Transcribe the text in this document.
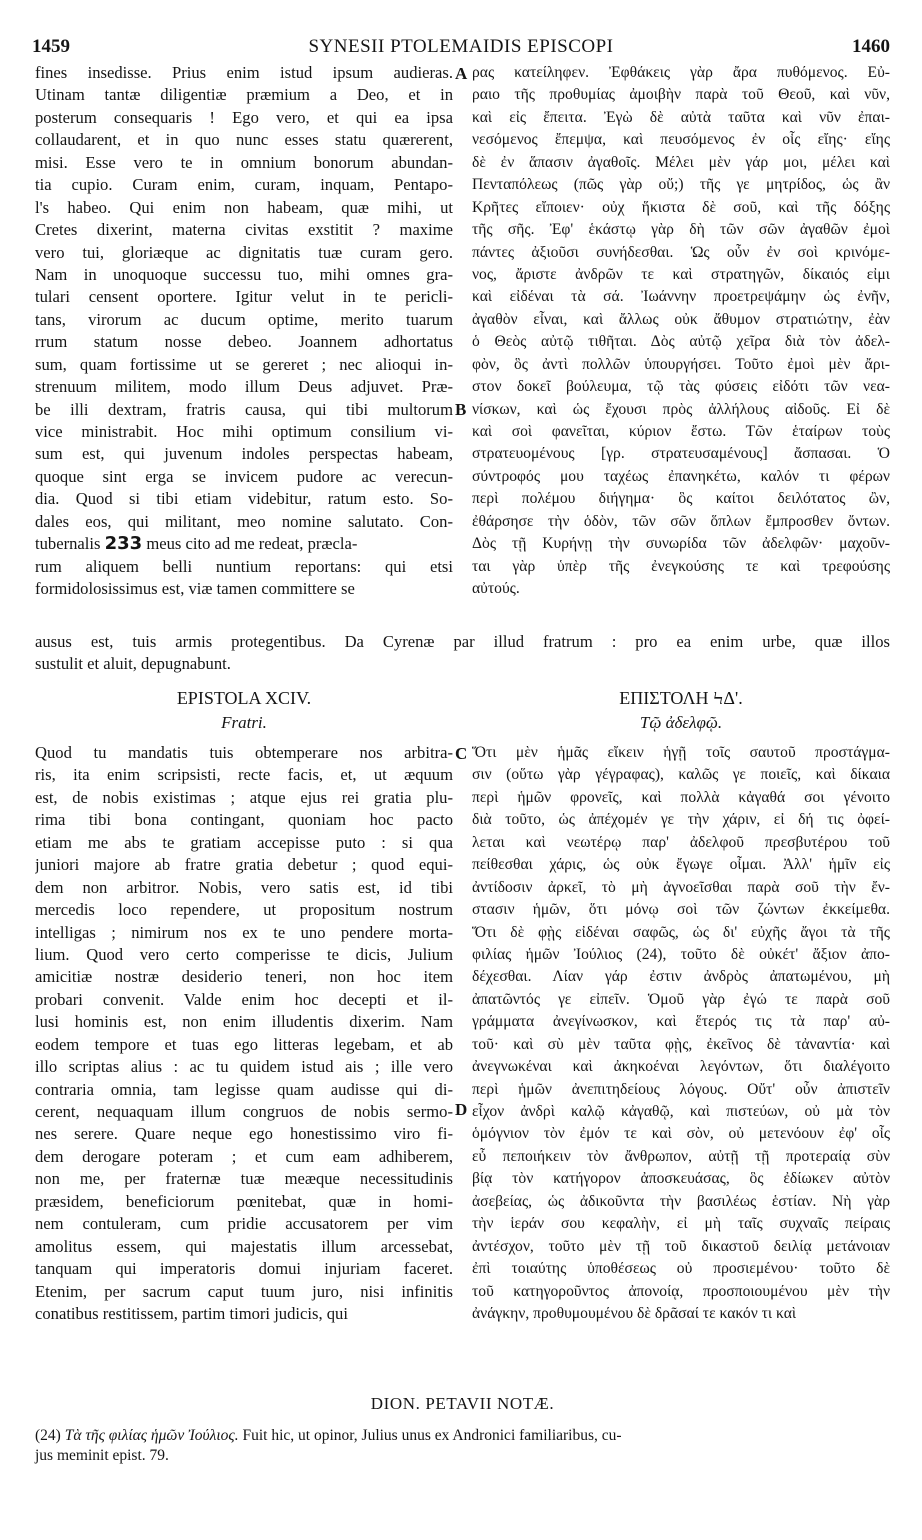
1459	SYNESII PTOLEMAIDIS EPISCOPI	1460
fines insedisse. Prius enim istud ipsum audieras.
Utinam tantæ diligentiæ præmium a Deo, et in
posterum consequaris ! Ego vero, et qui ea ipsa
collaudarent, et in quo nunc esses statu quærerent,
misi. Esse vero te in omnium bonorum abundan-
tia cupio. Curam enim, curam, inquam, Pentapo-
l's habeo. Qui enim non habeam, quæ mihi, ut
Cretes dixerint, materna civitas exstitit ? maxime
vero tui, gloriæque ac dignitatis tuæ curam gero.
Nam in unoquoque successu tuo, mihi omnes gra-
tulari censent oportere. Igitur velut in te pericli-
tans, virorum ac ducum optime, merito tuarum
rrum statum nosse debeo. Joannem adhortatus
sum, quam fortissime ut se gereret ; nec alioqui in-
strenuum militem, modo illum Deus adjuvet. Præ-
be illi dextram, fratris causa, qui tibi multorum
vice ministrabit. Hoc mihi optimum consilium vi-
sum est, qui juvenum indoles perspectas habeam,
quoque sint erga se invicem pudore ac verecun-
dia. Quod si tibi etiam videbitur, ratum esto. So-
dales eos, qui militant, meo nomine salutato. Con-
tubernalis 233 meus cito ad me redeat, præcla-
rum aliquem belli nuntium reportans: qui etsi
formidolosissimus est, viæ tamen committere se
ρας κατείληφεν. Ἐφθάκεις γὰρ ἄρα πυθόμενος. Εὐ-
ραιο τῆς προθυμίας ἀμοιβὴν παρὰ τοῦ Θεοῦ, καὶ νῦν,
καὶ εἰς ἔπειτα. Ἐγὼ δὲ αὐτὰ ταῦτα καὶ νῦν ἐπαι-
νεσόμενος ἔπεμψα, καὶ πευσόμενος ἐν οἷς εἴης· εἴης
δὲ ἐν ἅπασιν ἀγαθοῖς. Μέλει μὲν γάρ μοι, μέλει καὶ
Πενταπόλεως (πῶς γὰρ οὔ;) τῆς γε μητρίδος, ὡς ἂν
Κρῆτες εἴποιεν· οὐχ ἥκιστα δὲ σοῦ, καὶ τῆς δόξης
τῆς σῆς. Ἐφ' ἑκάστῳ γὰρ δὴ τῶν σῶν ἀγαθῶν ἐμοὶ
πάντες ἀξιοῦσι συνήδεσθαι. Ὡς οὖν ἐν σοὶ κρινόμε-
νος, ἄριστε ἀνδρῶν τε καὶ στρατηγῶν, δίκαιός εἰμι
καὶ εἰδέναι τὰ σά. Ἰωάννην προετρεψάμην ὡς ἐνῆν,
ἀγαθὸν εἶναι, καὶ ἄλλως οὐκ ἄθυμον στρατιώτην, ἐὰν
ὁ Θεὸς αὐτῷ τιθῆται. Δὸς αὐτῷ χεῖρα διὰ τὸν ἀδελ-
φὸν, ὃς ἀντὶ πολλῶν ὑπουργήσει. Τοῦτο ἐμοὶ μὲν ἄρι-
στον δοκεῖ βούλευμα, τῷ τὰς φύσεις εἰδότι τῶν νεα-
νίσκων, καὶ ὡς ἔχουσι πρὸς ἀλλήλους αἰδοῦς. Εἰ δὲ
καὶ σοὶ φανεῖται, κύριον ἔστω. Τῶν ἑταίρων τοὺς
στρατευομένους [γρ. στρατευσαμένους] ἄσπασαι. Ὁ
σύντροφός μου ταχέως ἐπανηκέτω, καλόν τι φέρων
περὶ πολέμου διήγημα· ὃς καίτοι δειλότατος ὢν,
ἐθάρσησε τὴν ὁδὸν, τῶν σῶν ὅπλων ἔμπροσθεν ὄντων.
Δὸς τῇ Κυρήνῃ τὴν συνωρίδα τῶν ἀδελφῶν· μαχοῦν-
ται γὰρ ὑπὲρ τῆς ἐνεγκούσης τε καὶ τρεφούσης
αὐτούς.
A
B
ausus est, tuis armis protegentibus. Da Cyrenæ par illud fratrum : pro ea enim urbe, quæ illos
sustulit et aluit, depugnabunt.
EPISTOLA XCIV.
Fratri.
ΕΠΙΣΤΟΛΗ ϞΔ'.
Τῷ ἀδελφῷ.
Quod tu mandatis tuis obtemperare nos arbitra-
ris, ita enim scripsisti, recte facis, et, ut æquum
est, de nobis existimas ; atque ejus rei gratia plu-
rima tibi bona contingant, quoniam hoc pacto
etiam me abs te gratiam accepisse puto : si qua
juniori majore ab fratre gratia debetur ; quod equi-
dem non arbitror. Nobis, vero satis est, id tibi
mercedis loco rependere, ut propositum nostrum
intelligas ; nimirum nos ex te uno pendere morta-
lium. Quod vero certo comperisse te dicis, Julium
amicitiæ nostræ desiderio teneri, non hoc item
probari convenit. Valde enim hoc decepti et il-
lusi hominis est, non enim illudentis dixerim. Nam
eodem tempore et tuas ego litteras legebam, et ab
illo scriptas alius : ac tu quidem istud ais ; ille vero
contraria omnia, tam legisse quam audisse qui di-
cerent, nequaquam illum congruos de nobis sermo-
nes serere. Quare neque ego honestissimo viro fi-
dem derogare poteram ; et cum eam adhiberem,
non me, per fraternæ tuæ meæque necessitudinis
præsidem, beneficiorum pœnitebat, quæ in homi-
nem contuleram, cum pridie accusatorem per vim
amolitus essem, qui majestatis illum arcessebat,
tanquam qui imperatoris domui injuriam faceret.
Etenim, per sacrum caput tuum juro, nisi infinitis
conatibus restitissem, partim timori judicis, qui
Ὅτι μὲν ἡμᾶς εἴκειν ἡγῇ τοῖς σαυτοῦ προστάγμα-
σιν (οὕτω γὰρ γέγραφας), καλῶς γε ποιεῖς, καὶ δίκαια
περὶ ἡμῶν φρονεῖς, καὶ πολλὰ κἀγαθά σοι γένοιτο
διὰ τοῦτο, ὡς ἀπέχομέν γε τὴν χάριν, εἰ δή τις ὀφεί-
λεται καὶ νεωτέρῳ παρ' ἀδελφοῦ πρεσβυτέρου τοῦ
πείθεσθαι χάρις, ὡς οὐκ ἔγωγε οἶμαι. Ἀλλ' ἡμῖν εἰς
ἀντίδοσιν ἀρκεῖ, τὸ μὴ ἀγνοεῖσθαι παρὰ σοῦ τὴν ἔν-
στασιν ἡμῶν, ὅτι μόνῳ σοὶ τῶν ζώντων ἐκκείμεθα.
Ὅτι δὲ φῂς εἰδέναι σαφῶς, ὡς δι' εὐχῆς ἄγοι τὰ τῆς
φιλίας ἡμῶν Ἰούλιος (24), τοῦτο δὲ οὐκέτ' ἄξιον ἀπο-
δέχεσθαι. Λίαν γάρ ἐστιν ἀνδρὸς ἀπατωμένου, μὴ
ἀπατῶντός γε εἰπεῖν. Ὁμοῦ γὰρ ἐγώ τε παρὰ σοῦ
γράμματα ἀνεγίνωσκον, καὶ ἕτερός τις τὰ παρ' αὐ-
τοῦ· καὶ σὺ μὲν ταῦτα φῂς, ἐκεῖνος δὲ τἀναντία· καὶ
ἀνεγνωκέναι καὶ ἀκηκοέναι λεγόντων, ὅτι διαλέγοιτο
περὶ ἡμῶν ἀνεπιτηδείους λόγους. Οὔτ' οὖν ἀπιστεῖν
εἶχον ἀνδρὶ καλῷ κἀγαθῷ, καὶ πιστεύων, οὐ μὰ τὸν
ὁμόγνιον τὸν ἐμόν τε καὶ σὸν, οὐ μετενόουν ἐφ' οἷς
εὖ πεποιήκειν τὸν ἄνθρωπον, αὐτῇ τῇ προτεραίᾳ σὺν
βίᾳ τὸν κατήγορον ἀποσκευάσας, ὃς ἐδίωκεν αὐτὸν
ἀσεβείας, ὡς ἀδικοῦντα τὴν βασιλέως ἑστίαν. Νὴ γὰρ
τὴν ἱεράν σου κεφαλὴν, εἰ μὴ ταῖς συχναῖς πείραις
ἀντέσχον, τοῦτο μὲν τῇ τοῦ δικαστοῦ δειλίᾳ μετάνοιαν
ἐπὶ τοιαύτης ὑποθέσεως οὐ προσιεμένου· τοῦτο δὲ
τοῦ κατηγοροῦντος ἀπονοίᾳ, προσποιουμένου μὲν τὴν
ἀνάγκην, προθυμουμένου δὲ δρᾶσαί τε κακόν τι καὶ
C
D
DION. PETAVII NOTÆ.
(24) Τὰ τῆς φιλίας ἡμῶν Ἰούλιος. Fuit hic, ut opinor, Julius unus ex Andronici familiaribus, cu-
jus meminit epist. 79.
